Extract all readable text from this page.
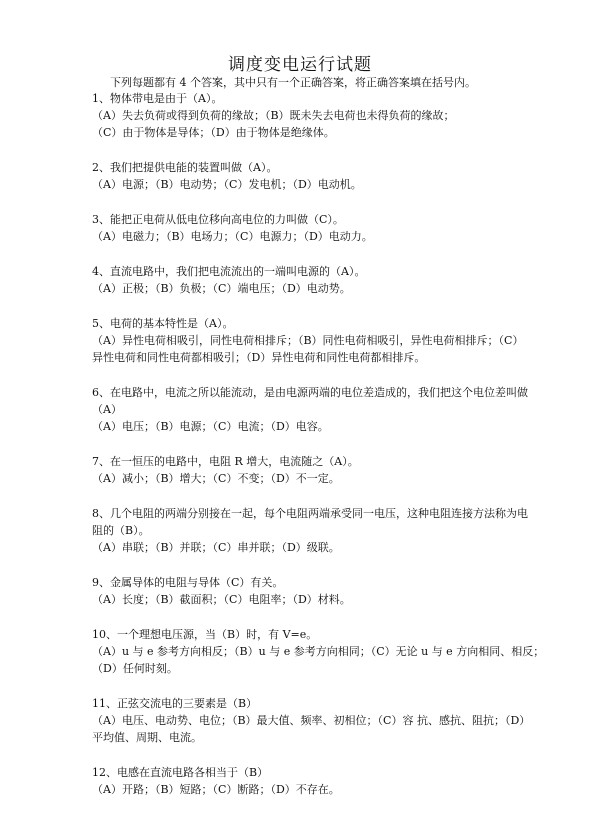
调度变电运行试题
下列每题都有 4 个答案，其中只有一个正确答案，将正确答案填在括号内。
1、物体带电是由于（A）。
（A）失去负荷或得到负荷的缘故；（B）既未失去电荷也未得负荷的缘故；
（C）由于物体是导体；（D）由于物体是绝缘体。
2、我们把提供电能的装置叫做（A）。
（A）电源；（B）电动势；（C）发电机；（D）电动机。
3、能把正电荷从低电位移向高电位的力叫做（C）。
（A）电磁力；（B）电场力；（C）电源力；（D）电动力。
4、直流电路中，我们把电流流出的一端叫电源的（A）。
（A）正极；（B）负极；（C）端电压；（D）电动势。
5、电荷的基本特性是（A）。
（A）异性电荷相吸引，同性电荷相排斥；（B）同性电荷相吸引，异性电荷相排斥；（C）
异性电荷和同性电荷都相吸引；（D）异性电荷和同性电荷都相排斥。
6、在电路中，电流之所以能流动，是由电源两端的电位差造成的，我们把这个电位差叫做
（A）
（A）电压；（B）电源；（C）电流；（D）电容。
7、在一恒压的电路中，电阻 R 增大，电流随之（A）。
（A）减小；（B）增大；（C）不变；（D）不一定。
8、几个电阻的两端分别接在一起，每个电阻两端承受同一电压，这种电阻连接方法称为电
阻的（B）。
（A）串联；（B）并联；（C）串并联；（D）级联。
9、金属导体的电阻与导体（C）有关。
（A）长度；（B）截面积；（C）电阻率；（D）材料。
10、一个理想电压源，当（B）时，有 V=e。
（A）u 与 e 参考方向相反；（B）u 与 e 参考方向相同；（C）无论 u 与 e 方向相同、相反；
（D）任何时刻。
11、正弦交流电的三要素是（B）
（A）电压、电动势、电位；（B）最大值、频率、初相位；（C）容 抗、感抗、阻抗；（D）
平均值、周期、电流。
12、电感在直流电路各相当于（B）
（A）开路；（B）短路；（C）断路；（D）不存在。
